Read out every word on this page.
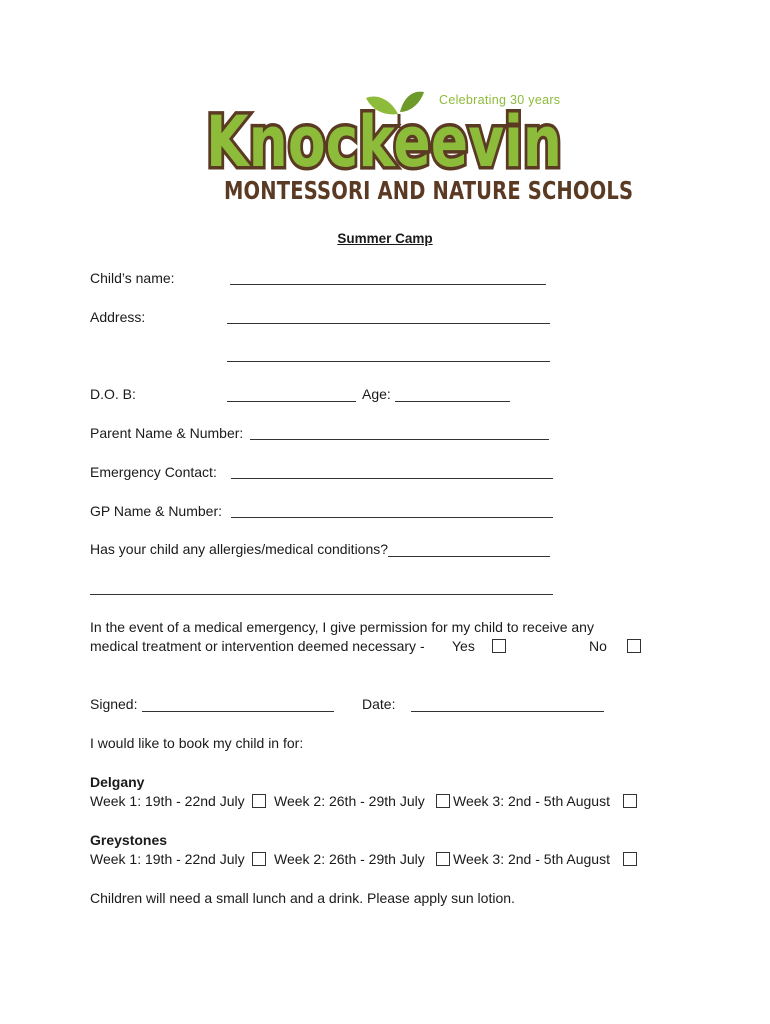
Knockeevin
Celebrating 30 years
MONTESSORI AND NATURE SCHOOLS
Summer Camp
Child’s name:
Address:
D.O. B:	Age:
Parent Name & Number:
Emergency Contact:
GP Name & Number:
Has your child any allergies/medical conditions?
In the event of a medical emergency, I give permission for my child to receive any
medical treatment or intervention deemed necessary - Yes	No
Signed:	Date:
I would like to book my child in for:
Delgany
Week 1: 19th - 22nd July Week 2: 26th - 29th July Week 3: 2nd - 5th August
Greystones
Week 1: 19th - 22nd July Week 2: 26th - 29th July Week 3: 2nd - 5th August
Children will need a small lunch and a drink. Please apply sun lotion.
